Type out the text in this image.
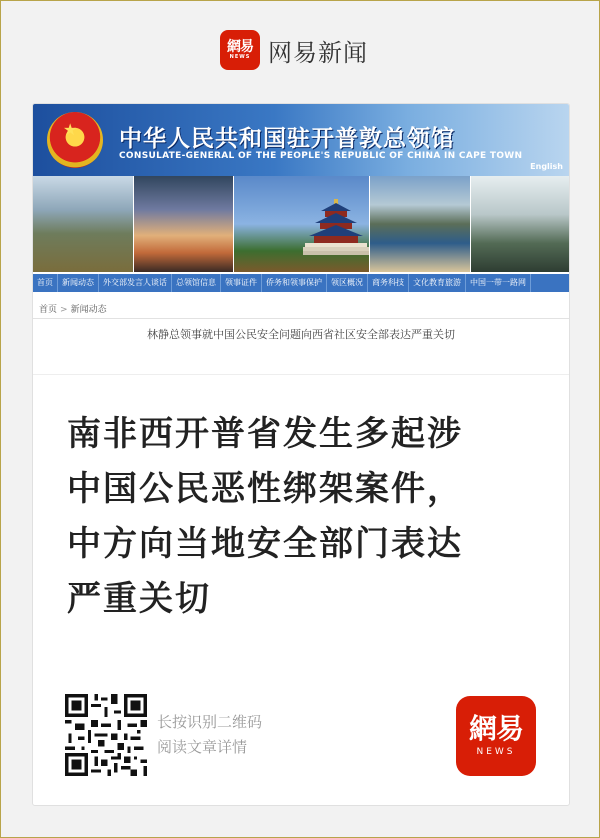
網易
NEWS 网易新闻
★ 中华人民共和国驻开普敦总领馆
CONSULATE-GENERAL OF THE PEOPLE'S REPUBLIC OF CHINA IN CAPE TOWN
English
首页	新闻动态	外交部发言人谈话	总领馆信息	领事证件	侨务和领事保护	领区概况	商务科技	文化教育旅游	中国一带一路网
首页 > 新闻动态
林静总领事就中国公民安全问题向西省社区安全部表达严重关切
南非西开普省发生多起涉
中国公民恶性绑架案件，
中方向当地安全部门表达
严重关切
长按识别二维码
阅读文章详情
網易
NEWS
